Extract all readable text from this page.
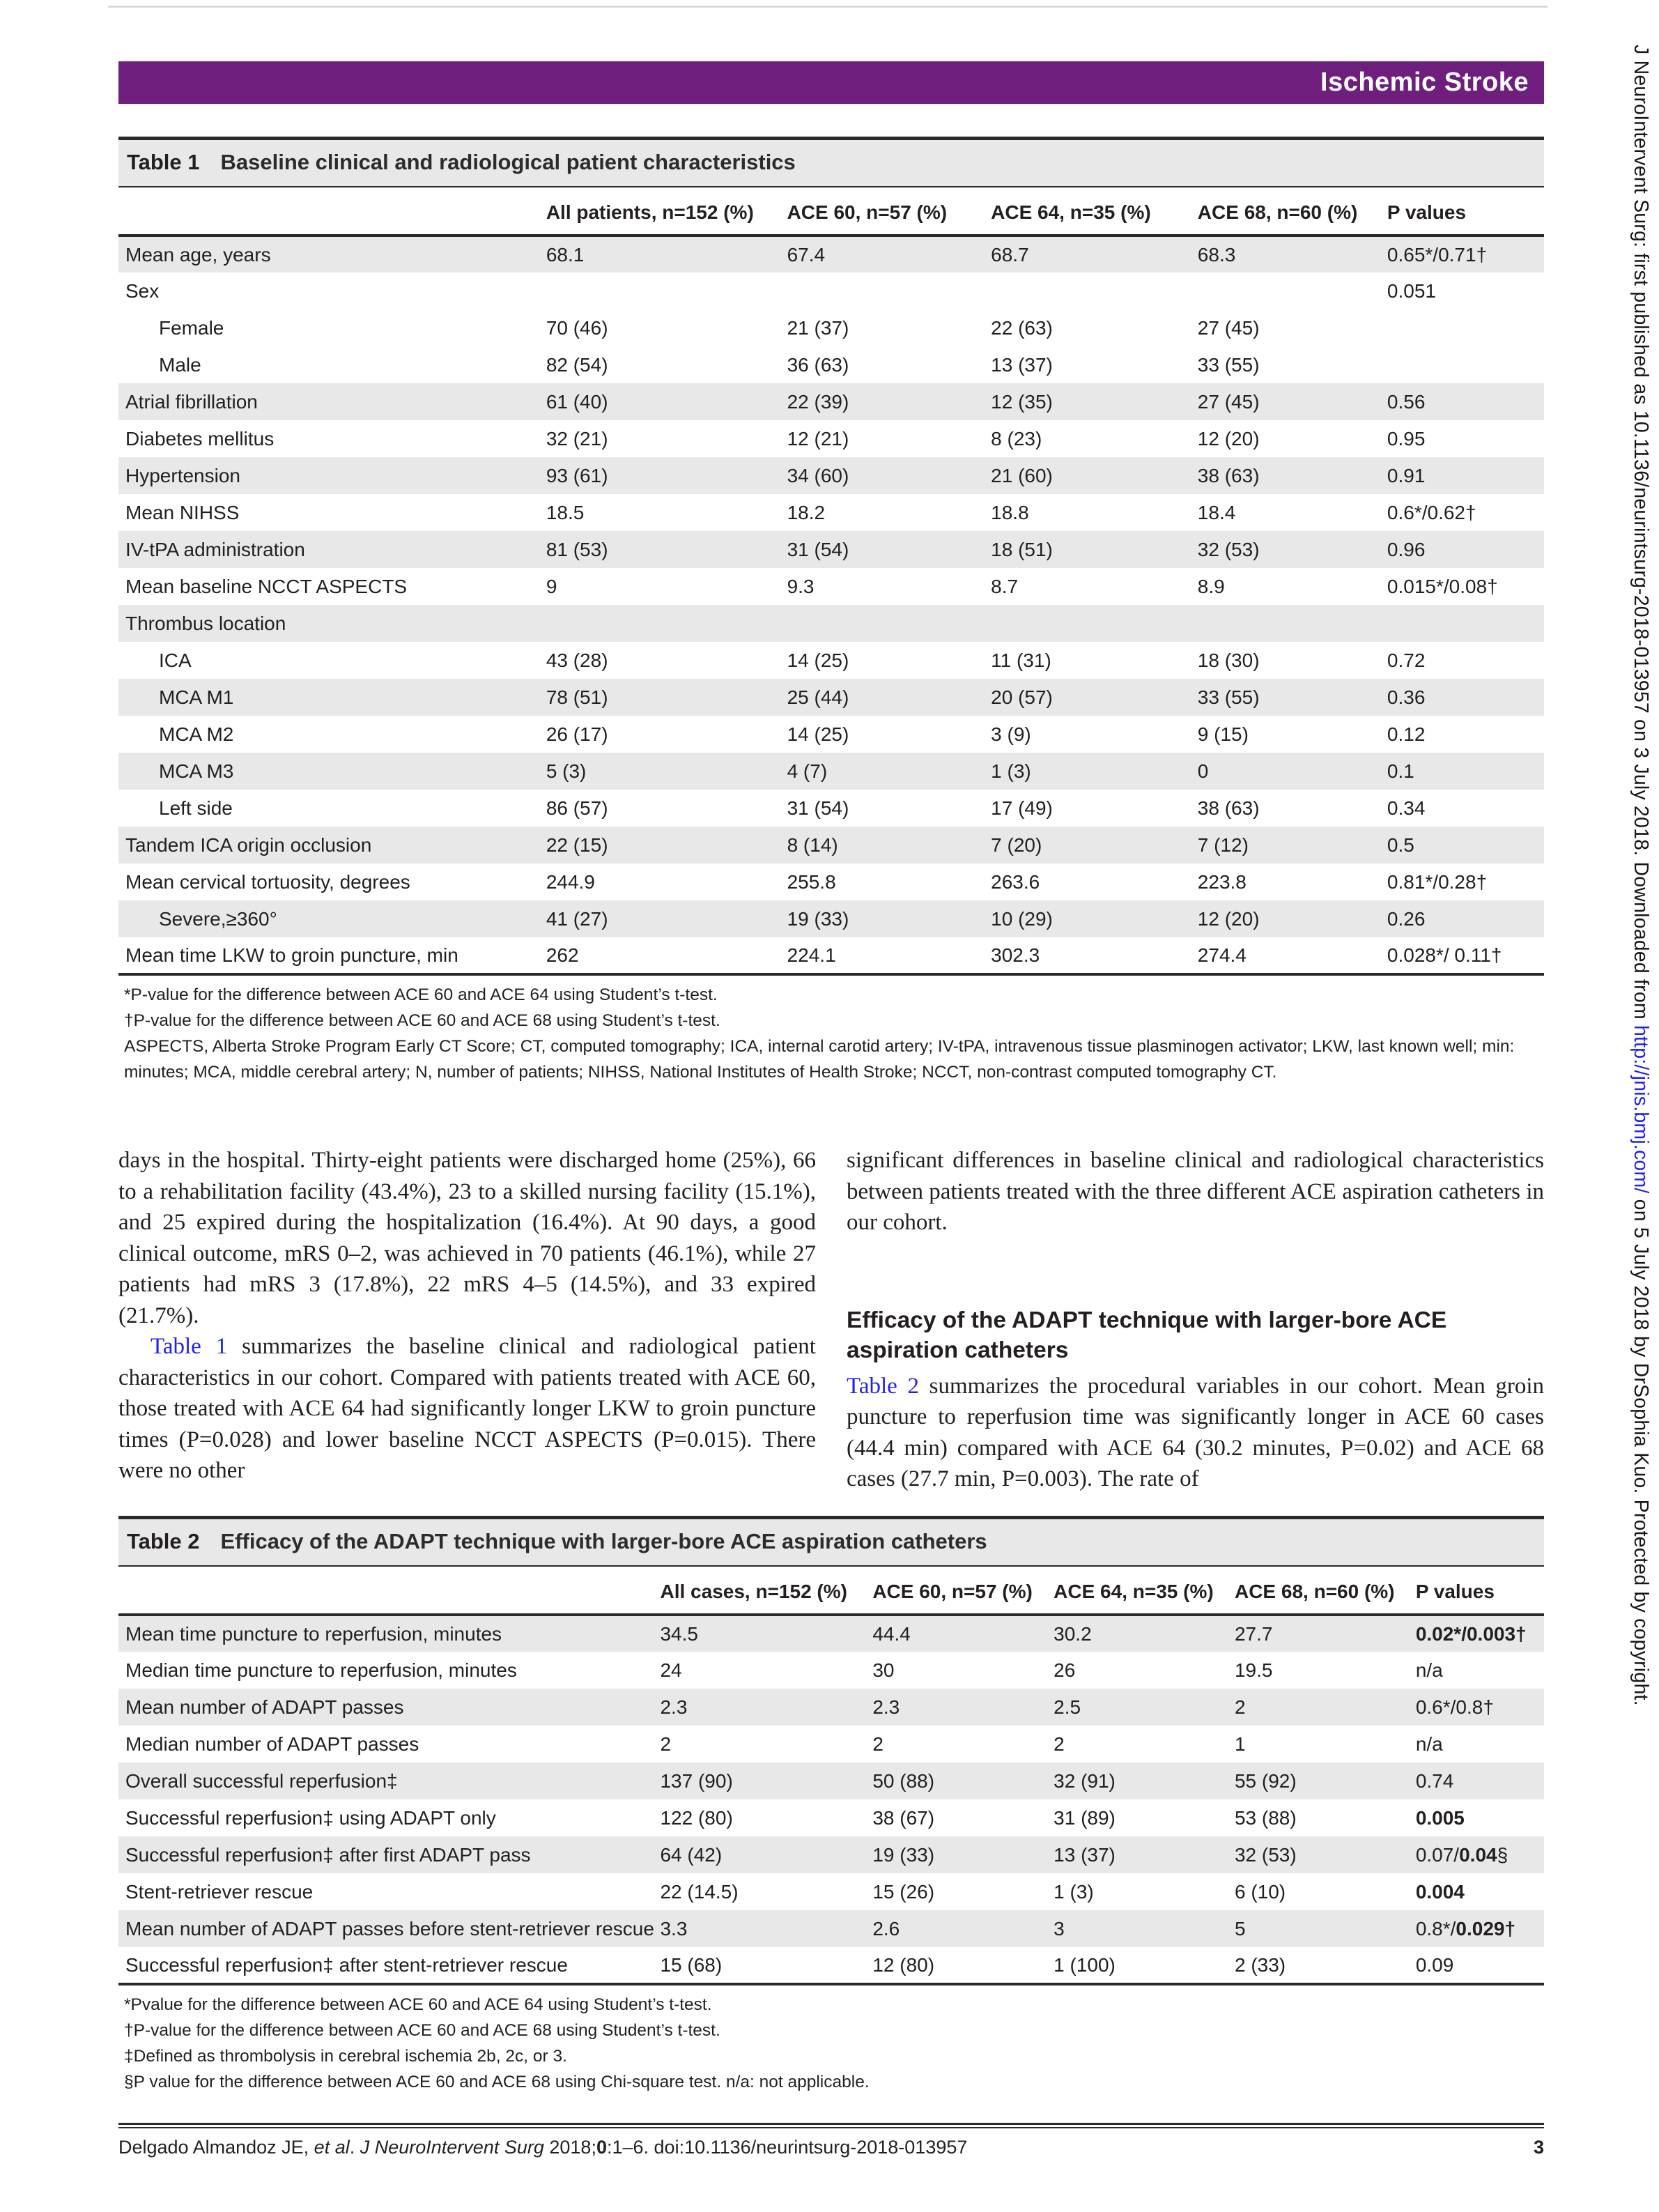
Ischemic Stroke
Table 1 Baseline clinical and radiological patient characteristics
	All patients, n=152 (%)	ACE 60, n=57 (%)	ACE 64, n=35 (%)	ACE 68, n=60 (%)	P values
Mean age, years	68.1	67.4	68.7	68.3	0.65*/0.71†
Sex					0.051
Female	70 (46)	21 (37)	22 (63)	27 (45)	
Male	82 (54)	36 (63)	13 (37)	33 (55)	
Atrial fibrillation	61 (40)	22 (39)	12 (35)	27 (45)	0.56
Diabetes mellitus	32 (21)	12 (21)	8 (23)	12 (20)	0.95
Hypertension	93 (61)	34 (60)	21 (60)	38 (63)	0.91
Mean NIHSS	18.5	18.2	18.8	18.4	0.6*/0.62†
IV-tPA administration	81 (53)	31 (54)	18 (51)	32 (53)	0.96
Mean baseline NCCT ASPECTS	9	9.3	8.7	8.9	0.015*/0.08†
Thrombus location					
ICA	43 (28)	14 (25)	11 (31)	18 (30)	0.72
MCA M1	78 (51)	25 (44)	20 (57)	33 (55)	0.36
MCA M2	26 (17)	14 (25)	3 (9)	9 (15)	0.12
MCA M3	5 (3)	4 (7)	1 (3)	0	0.1
Left side	86 (57)	31 (54)	17 (49)	38 (63)	0.34
Tandem ICA origin occlusion	22 (15)	8 (14)	7 (20)	7 (12)	0.5
Mean cervical tortuosity, degrees	244.9	255.8	263.6	223.8	0.81*/0.28†
Severe,≥360°	41 (27)	19 (33)	10 (29)	12 (20)	0.26
Mean time LKW to groin puncture, min	262	224.1	302.3	274.4	0.028*/ 0.11†
*P-value for the difference between ACE 60 and ACE 64 using Student’s t-test.
†P-value for the difference between ACE 60 and ACE 68 using Student’s t-test.
ASPECTS, Alberta Stroke Program Early CT Score; CT, computed tomography; ICA, internal carotid artery; IV-tPA, intravenous tissue plasminogen activator; LKW, last known well; min: minutes; MCA, middle cerebral artery; N, number of patients; NIHSS, National Institutes of Health Stroke; NCCT, non-contrast computed tomography CT.

days in the hospital. Thirty-eight patients were discharged home (25%), 66 to a rehabilitation facility (43.4%), 23 to a skilled nursing facility (15.1%), and 25 expired during the hospitalization (16.4%). At 90 days, a good clinical outcome, mRS 0–2, was achieved in 70 patients (46.1%), while 27 patients had mRS 3 (17.8%), 22 mRS 4–5 (14.5%), and 33 expired (21.7%).

Table 1 summarizes the baseline clinical and radiological patient characteristics in our cohort. Compared with patients treated with ACE 60, those treated with ACE 64 had significantly longer LKW to groin puncture times (P=0.028) and lower baseline NCCT ASPECTS (P=0.015). There were no other

significant differences in baseline clinical and radiological characteristics between patients treated with the three different ACE aspiration catheters in our cohort.

Efficacy of the ADAPT technique with larger-bore ACE aspiration catheters

Table 2 summarizes the procedural variables in our cohort. Mean groin puncture to reperfusion time was significantly longer in ACE 60 cases (44.4 min) compared with ACE 64 (30.2 minutes, P=0.02) and ACE 68 cases (27.7 min, P=0.003). The rate of

Table 2 Efficacy of the ADAPT technique with larger-bore ACE aspiration catheters
	All cases, n=152 (%)	ACE 60, n=57 (%)	ACE 64, n=35 (%)	ACE 68, n=60 (%)	P values
Mean time puncture to reperfusion, minutes	34.5	44.4	30.2	27.7	0.02*/0.003†
Median time puncture to reperfusion, minutes	24	30	26	19.5	n/a
Mean number of ADAPT passes	2.3	2.3	2.5	2	0.6*/0.8†
Median number of ADAPT passes	2	2	2	1	n/a
Overall successful reperfusion‡	137 (90)	50 (88)	32 (91)	55 (92)	0.74
Successful reperfusion‡ using ADAPT only	122 (80)	38 (67)	31 (89)	53 (88)	0.005
Successful reperfusion‡ after first ADAPT pass	64 (42)	19 (33)	13 (37)	32 (53)	0.07/0.04§
Stent-retriever rescue	22 (14.5)	15 (26)	1 (3)	6 (10)	0.004
Mean number of ADAPT passes before stent-retriever rescue	3.3	2.6	3	5	0.8*/0.029†
Successful reperfusion‡ after stent-retriever rescue	15 (68)	12 (80)	1 (100)	2 (33)	0.09
*Pvalue for the difference between ACE 60 and ACE 64 using Student’s t-test.
†P-value for the difference between ACE 60 and ACE 68 using Student’s t-test.
‡Defined as thrombolysis in cerebral ischemia 2b, 2c, or 3.
§P value for the difference between ACE 60 and ACE 68 using Chi-square test. n/a: not applicable.
Delgado Almandoz JE, et al. J NeuroIntervent Surg 2018;0:1–6. doi:10.1136/neurintsurg-2018-013957	3
J NeuroIntervent Surg: first published as 10.1136/neurintsurg-2018-013957 on 3 July 2018. Downloaded from http://jnis.bmj.com/ on 5 July 2018 by DrSophia Kuo. Protected by copyright.
